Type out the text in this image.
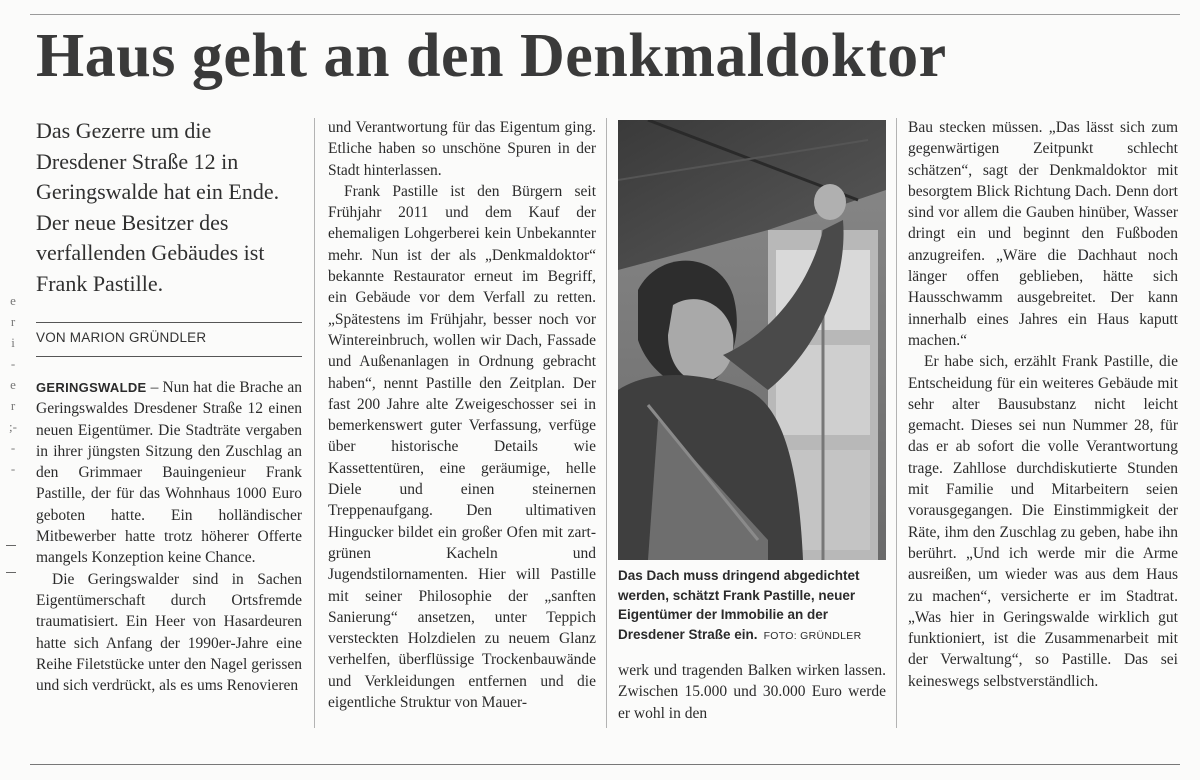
Haus geht an den Denkmaldoktor
Das Gezerre um die Dresdener Straße 12 in Geringswalde hat ein Ende. Der neue Besitzer des verfallenden Gebäudes ist Frank Pastille.
VON MARION GRÜNDLER

GERINGSWALDE – Nun hat die Brache an Geringswaldes Dresdener Straße 12 einen neuen Eigentümer. Die Stadträte vergaben in ihrer jüngsten Sitzung den Zuschlag an den Grimmaer Bauingenieur Frank Pastille, der für das Wohnhaus 1000 Euro geboten hatte. Ein holländischer Mitbewerber hatte trotz höherer Offerte mangels Konzeption keine Chance.

Die Geringswalder sind in Sachen Eigentümerschaft durch Ortsfremde traumatisiert. Ein Heer von Hasardeuren hatte sich Anfang der 1990er-Jahre eine Reihe Filetstücke unter den Nagel gerissen und sich verdrückt, als es ums Renovieren

und Verantwortung für das Eigentum ging. Etliche haben so unschöne Spuren in der Stadt hinterlassen.

Frank Pastille ist den Bürgern seit Frühjahr 2011 und dem Kauf der ehemaligen Lohgerberei kein Unbekannter mehr. Nun ist der als „Denkmaldoktor“ bekannte Restaurator erneut im Begriff, ein Gebäude vor dem Verfall zu retten. „Spätestens im Frühjahr, besser noch vor Wintereinbruch, wollen wir Dach, Fassade und Außenanlagen in Ordnung gebracht haben“, nennt Pastille den Zeitplan. Der fast 200 Jahre alte Zweigeschosser sei in bemerkenswert guter Verfassung, verfüge über historische Details wie Kassettentüren, eine geräumige, helle Diele und einen steinernen Treppenaufgang. Den ultimativen Hingucker bildet ein großer Ofen mit zart-grünen Kacheln und Jugendstilornamenten. Hier will Pastille mit seiner Philosophie der „sanften Sanierung“ ansetzen, unter Teppich versteckten Holzdielen zu neuem Glanz verhelfen, überflüssige Trockenbauwände und Verkleidungen entfernen und die eigentliche Struktur von Mauer-

Das Dach muss dringend abgedichtet werden, schätzt Frank Pastille, neuer Eigentümer der Immobilie an der Dresdener Straße ein. FOTO: GRÜNDLER

werk und tragenden Balken wirken lassen. Zwischen 15.000 und 30.000 Euro werde er wohl in den

Bau stecken müssen. „Das lässt sich zum gegenwärtigen Zeitpunkt schlecht schätzen“, sagt der Denkmaldoktor mit besorgtem Blick Richtung Dach. Denn dort sind vor allem die Gauben hinüber, Wasser dringt ein und beginnt den Fußboden anzugreifen. „Wäre die Dachhaut noch länger offen geblieben, hätte sich Hausschwamm ausgebreitet. Der kann innerhalb eines Jahres ein Haus kaputt machen.“

Er habe sich, erzählt Frank Pastille, die Entscheidung für ein weiteres Gebäude mit sehr alter Bausubstanz nicht leicht gemacht. Dieses sei nun Nummer 28, für das er ab sofort die volle Verantwortung trage. Zahllose durchdiskutierte Stunden mit Familie und Mitarbeitern seien vorausgegangen. Die Einstimmigkeit der Räte, ihm den Zuschlag zu geben, habe ihn berührt. „Und ich werde mir die Arme ausreißen, um wieder was aus dem Haus zu machen“, versicherte er im Stadtrat. „Was hier in Geringswalde wirklich gut funktioniert, ist die Zusammenarbeit mit der Verwaltung“, so Pastille. Das sei keineswegs selbstverständlich.

e
r
i
-
e
r
;-
-
-
